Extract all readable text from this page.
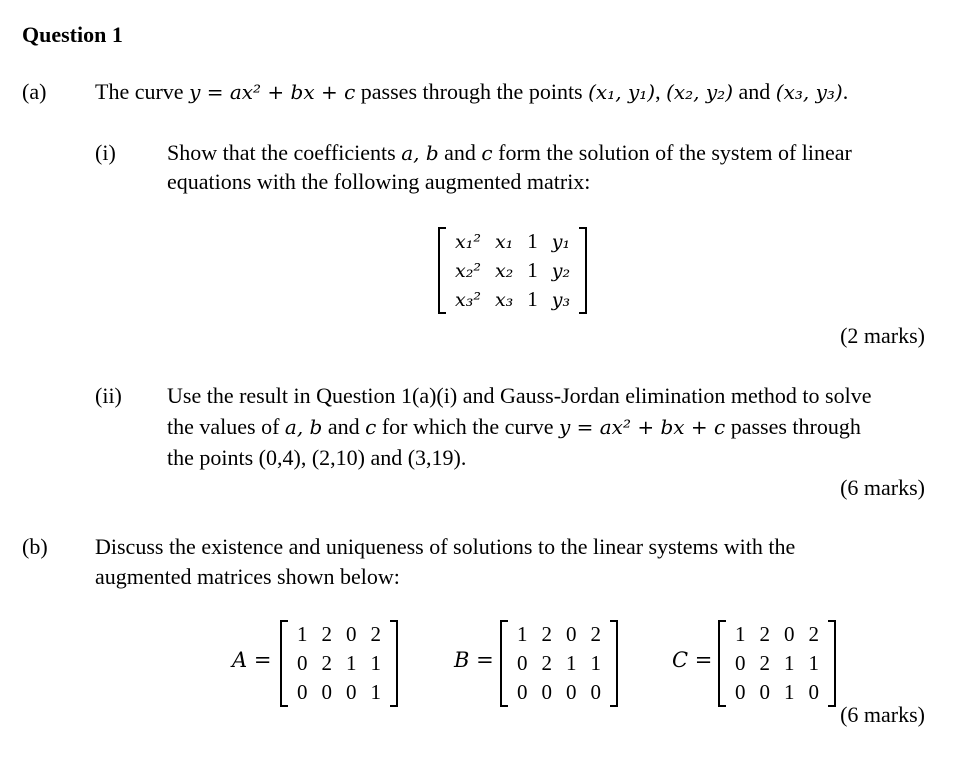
Question 1
(a) The curve y = ax² + bx + c passes through the points (x₁, y₁), (x₂, y₂) and (x₃, y₃).
(i) Show that the coefficients a, b and c form the solution of the system of linear
equations with the following augmented matrix:
x₁²	x₁	1	y₁
x₂²	x₂	1	y₂
x₃²	x₃	1	y₃
(2 marks)
(ii) Use the result in Question 1(a)(i) and Gauss-Jordan elimination method to solve
the values of a, b and c for which the curve y = ax² + bx + c passes through
the points (0,4), (2,10) and (3,19).
(6 marks)
(b) Discuss the existence and uniqueness of solutions to the linear systems with the
augmented matrices shown below:
A =
1	2	0	2
0	2	1	1
0	0	0	1
B =
1	2	0	2
0	2	1	1
0	0	0	0
C =
1	2	0	2
0	2	1	1
0	0	1	0
(6 marks)
